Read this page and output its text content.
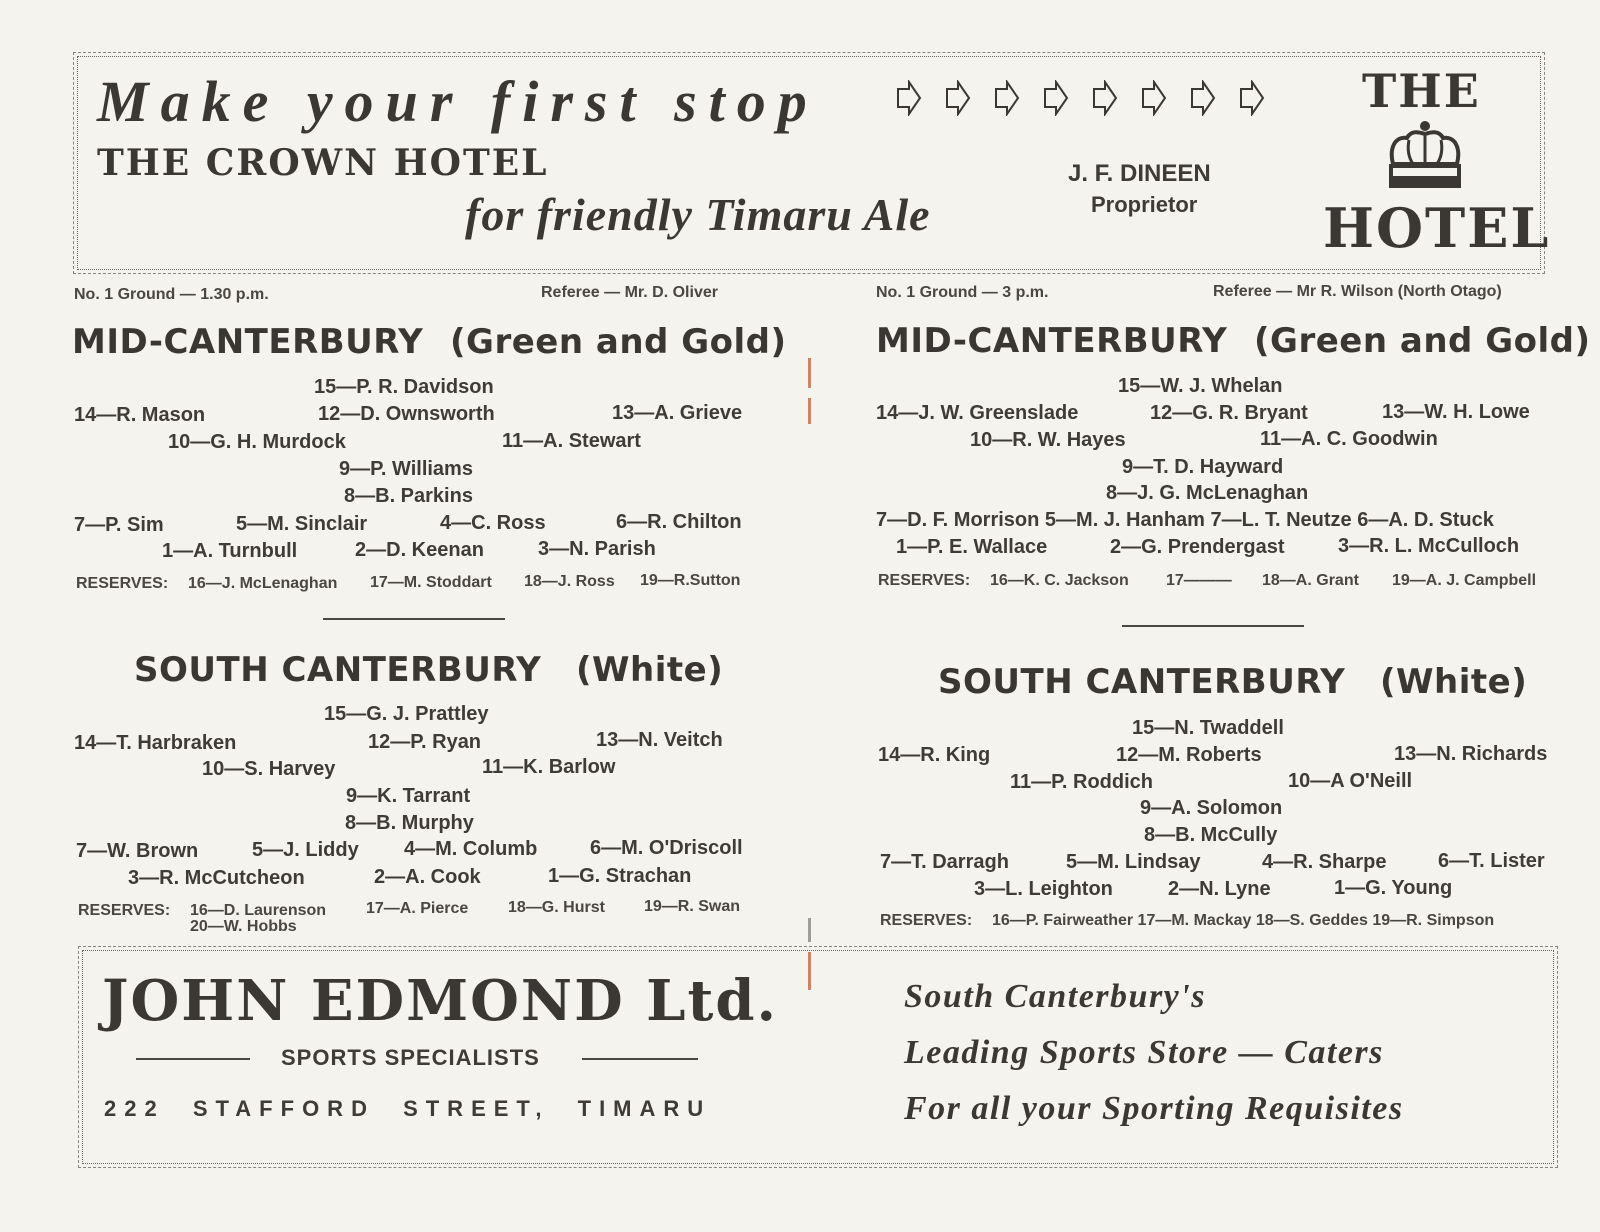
Make your first stop
THE CROWN HOTEL
for friendly Timaru Ale
J. F. DINEEN
Proprietor
THE
HOTEL
No. 1 Ground — 1.30 p.m.	Referee — Mr. D. Oliver
MID-CANTERBURY (Green and Gold)
15—P. R. Davidson
14—R. Mason	12—D. Ownsworth	13—A. Grieve
10—G. H. Murdock	11—A. Stewart
9—P. Williams
8—B. Parkins
7—P. Sim	5—M. Sinclair	4—C. Ross	6—R. Chilton
1—A. Turnbull	2—D. Keenan	3—N. Parish
RESERVES: 16—J. McLenaghan 17—M. Stoddart 18—J. Ross 19—R.Sutton
SOUTH CANTERBURY (White)
15—G. J. Prattley
14—T. Harbraken	12—P. Ryan	13—N. Veitch
10—S. Harvey	11—K. Barlow
9—K. Tarrant
8—B. Murphy
7—W. Brown	5—J. Liddy 4—M. Columb	6—M. O'Driscoll
3—R. McCutcheon	2—A. Cook	1—G. Strachan
RESERVES: 16—D. Laurenson 17—A. Pierce 18—G. Hurst 19—R. Swan
20—W. Hobbs
No. 1 Ground — 3 p.m.	Referee — Mr R. Wilson (North Otago)
MID-CANTERBURY (Green and Gold)
15—W. J. Whelan
14—J. W. Greenslade	12—G. R. Bryant	13—W. H. Lowe
10—R. W. Hayes	11—A. C. Goodwin
9—T. D. Hayward
8—J. G. McLenaghan
7—D. F. Morrison 5—M. J. Hanham 7—L. T. Neutze 6—A. D. Stuck
1—P. E. Wallace	2—G. Prendergast	3—R. L. McCulloch
RESERVES: 16—K. C. Jackson 17——— 18—A. Grant 19—A. J. Campbell
SOUTH CANTERBURY (White)
15—N. Twaddell
14—R. King	12—M. Roberts	13—N. Richards
11—P. Roddich	10—A O'Neill
9—A. Solomon
8—B. McCully
7—T. Darragh	5—M. Lindsay	4—R. Sharpe	6—T. Lister
3—L. Leighton	2—N. Lyne	1—G. Young
RESERVES: 16—P. Fairweather 17—M. Mackay 18—S. Geddes 19—R. Simpson
JOHN EDMOND Ltd.
SPORTS SPECIALISTS
222 STAFFORD STREET, TIMARU
South Canterbury's
Leading Sports Store — Caters
For all your Sporting Requisites
